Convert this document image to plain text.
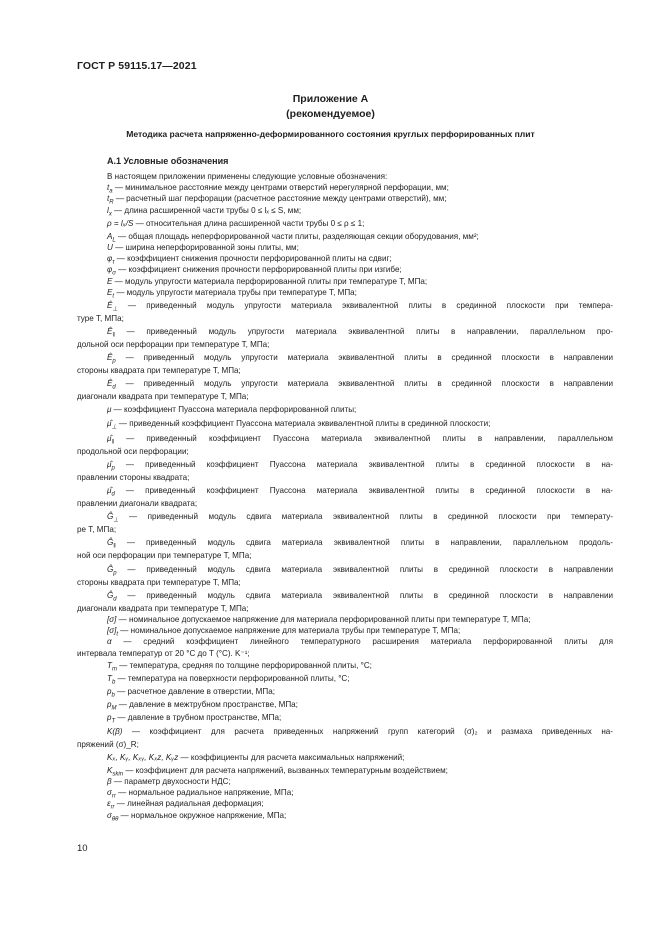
ГОСТ Р 59115.17—2021
Приложение А
(рекомендуемое)
Методика расчета напряженно-деформированного состояния круглых перфорированных плит
А.1 Условные обозначения
В настоящем приложении применены следующие условные обозначения:
$t_a$ — минимальное расстояние между центрами отверстий нерегулярной перфорации, мм;
$t_R$ — расчетный шаг перфорации (расчетное расстояние между центрами отверстий), мм;
$l_x$ — длина расширенной части трубы 0 ≤ lₓ ≤ S, мм;
ρ = lₓ/S — относительная длина расширенной части трубы 0 ≤ ρ ≤ 1;
$A_L$ — общая площадь неперфорированной части плиты, разделяющая секции оборудования, мм²;
U — ширина неперфорированной зоны плиты, мм;
$\varphi_\tau$ — коэффициент снижения прочности перфорированной плиты на сдвиг;
$\varphi_\sigma$ — коэффициент снижения прочности перфорированной плиты при изгибе;
E — модуль упругости материала перфорированной плиты при температуре T, МПа;
$E_t$ — модуль упругости материала трубы при температуре T, МПа;
$Ê_\perp$ — приведенный модуль упругости материала эквивалентной плиты в срединной плоскости при темпера-
туре T, МПа;
$Ê_‖$ — приведенный модуль упругости материала эквивалентной плиты в направлении, параллельном про-
дольной оси перфорации при температуре T, МПа;
$Ê_p$ — приведенный модуль упругости материала эквивалентной плиты в срединной плоскости в направлении
стороны квадрата при температуре T, МПа;
$Ê_d$ — приведенный модуль упругости материала эквивалентной плиты в срединной плоскости в направлении
диагонали квадрата при температуре T, МПа;
μ — коэффициент Пуассона материала перфорированной плиты;
$\mû_\perp$ — приведенный коэффициент Пуассона материала эквивалентной плиты в срединной плоскости;
$\mû_‖$ — приведенный коэффициент Пуассона материала эквивалентной плиты в направлении, параллельном
продольной оси перфорации;
$\mû_p$ — приведенный коэффициент Пуассона материала эквивалентной плиты в срединной плоскости в на-
правлении стороны квадрата;
$\mû_d$ — приведенный коэффициент Пуассона материала эквивалентной плиты в срединной плоскости в на-
правлении диагонали квадрата;
$Ĝ_\perp$ — приведенный модуль сдвига материала эквивалентной плиты в срединной плоскости при температу-
ре T, МПа;
$Ĝ_‖$ — приведенный модуль сдвига материала эквивалентной плиты в направлении, параллельном продоль-
ной оси перфорации при температуре T, МПа;
$Ĝ_p$ — приведенный модуль сдвига материала эквивалентной плиты в срединной плоскости в направлении
стороны квадрата при температуре T, МПа;
$Ĝ_d$ — приведенный модуль сдвига материала эквивалентной плиты в срединной плоскости в направлении
диагонали квадрата при температуре T, МПа;
[σ] — номинальное допускаемое напряжение для материала перфорированной плиты при температуре T, МПа;
$[\sigma]_t$ — номинальное допускаемое напряжение для материала трубы при температуре T, МПа;
α — средний коэффициент линейного температурного расширения материала перфорированной плиты для
интервала температур от 20 °С до T (°С). K⁻¹;
$T_m$ — температура, средняя по толщине перфорированной плиты, °С;
$T_b$ — температура на поверхности перфорированной плиты, °С;
$p_b$ — расчетное давление в отверстии, МПа;
$p_M$ — давление в межтрубном пространстве, МПа;
$p_T$ — давление в трубном пространстве, МПа;
K(β) — коэффициент для расчета приведенных напряжений групп категорий (σ)₂ и размаха приведенных на-
пряжений (σ)_R;
Kₓ, Kᵧ, Kₓᵧ, Kₓz, Kᵧz — коэффициенты для расчета максимальных напряжений;
$K_{skin}$ — коэффициент для расчета напряжений, вызванных температурным воздействием;
β — параметр двухосности НДС;
$\sigma_{rr}$ — нормальное радиальное напряжение, МПа;
$\varepsilon_{rr}$ — линейная радиальная деформация;
$\sigma_{\theta\theta}$ — нормальное окружное напряжение, МПа;
10
